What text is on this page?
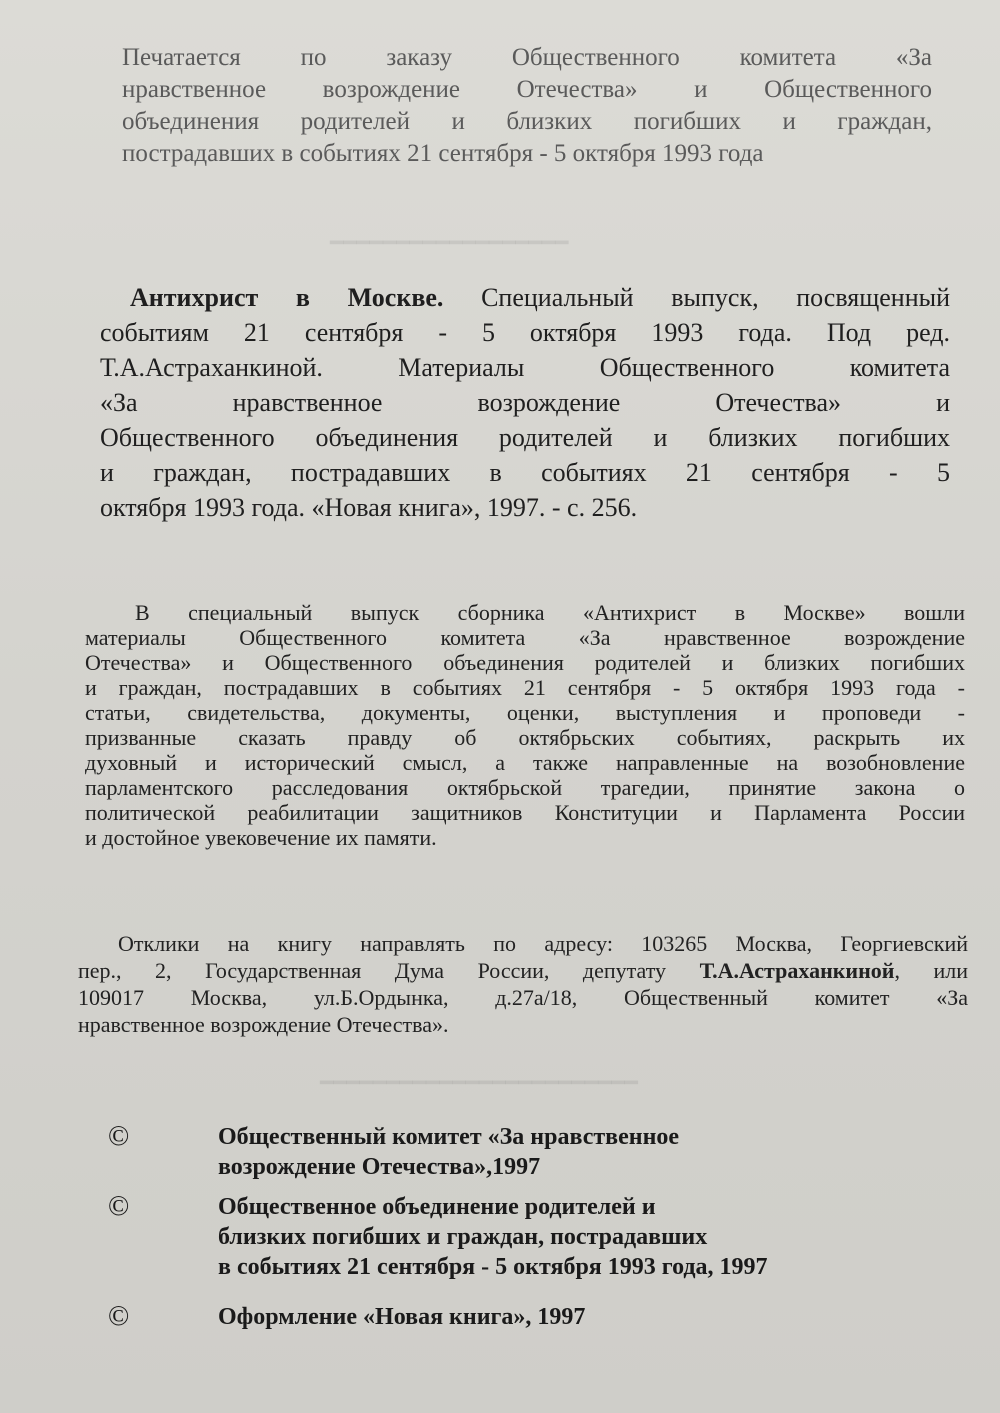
━━━━━━━━━━━━━━━━━━
━━━━━━━━━━━━━━━━━━━━━━━━
Печатается по заказу Общественного комитета «За
нравственное возрождение Отечества» и Общественного
объединения родителей и близких погибших и граждан,
пострадавших в событиях 21 сентября - 5 октября 1993 года
Антихрист в Москве. Специальный выпуск, посвященный
событиям 21 сентября - 5 октября 1993 года. Под ред.
Т.А.Астраханкиной. Материалы Общественного комитета
«За нравственное возрождение Отечества» и
Общественного объединения родителей и близких погибших
и граждан, пострадавших в событиях 21 сентября - 5
октября 1993 года. «Новая книга», 1997. - с. 256.
В специальный выпуск сборника «Антихрист в Москве» вошли
материалы Общественного комитета «За нравственное возрождение
Отечества» и Общественного объединения родителей и близких погибших
и граждан, пострадавших в событиях 21 сентября - 5 октября 1993 года -
статьи, свидетельства, документы, оценки, выступления и проповеди -
призванные сказать правду об октябрьских событиях, раскрыть их
духовный и исторический смысл, а также направленные на возобновление
парламентского расследования октябрьской трагедии, принятие закона о
политической реабилитации защитников Конституции и Парламента России
и достойное увековечение их памяти.
Отклики на книгу направлять по адресу: 103265 Москва, Георгиевский
пер., 2, Государственная Дума России, депутату Т.А.Астраханкиной, или
109017 Москва, ул.Б.Ордынка, д.27а/18, Общественный комитет «За
нравственное возрождение Отечества».
©	Общественный комитет «За нравственное
возрождение Отечества»,1997
©	Общественное объединение родителей и
близких погибших и граждан, пострадавших
в событиях 21 сентября - 5 октября 1993 года, 1997
©	Оформление «Новая книга», 1997
